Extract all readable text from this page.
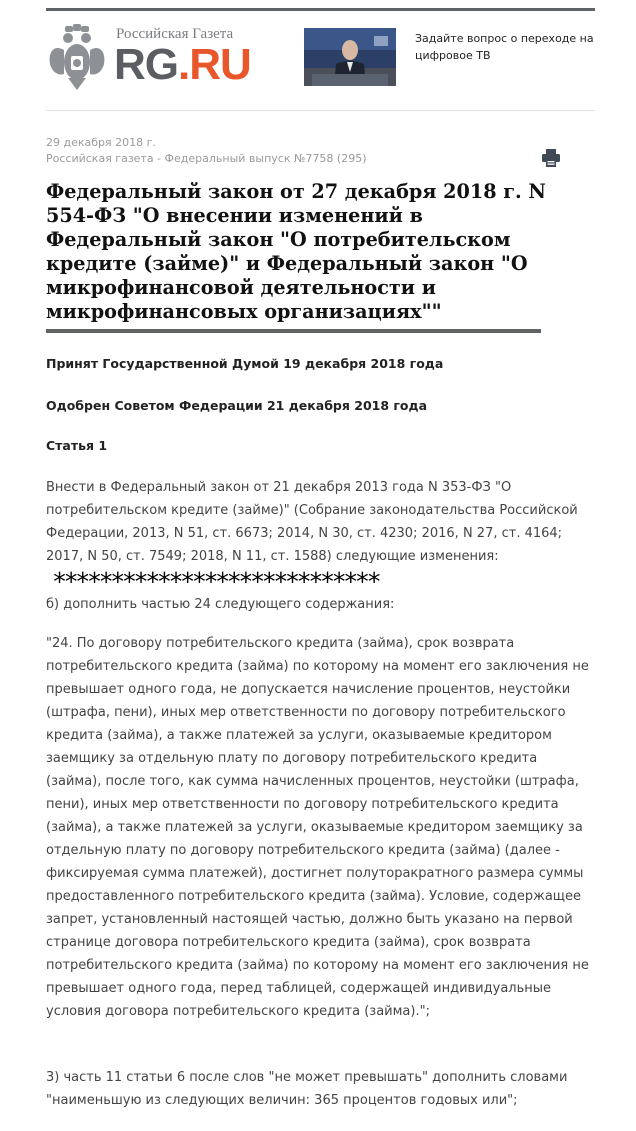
Российская Газета
RG.RU
Задайте вопрос о переходе на цифровое ТВ
29 декабря 2018 г.
Российская газета - Федеральный выпуск №7758 (295)
Федеральный закон от 27 декабря 2018 г. N 554-ФЗ "О внесении изменений в Федеральный закон "О потребительском кредите (займе)" и Федеральный закон "О микрофинансовой деятельности и микрофинансовых организациях""

Принят Государственной Думой 19 декабря 2018 года

Одобрен Советом Федерации 21 декабря 2018 года

Статья 1

Внести в Федеральный закон от 21 декабря 2013 года N 353-ФЗ "О потребительском кредите (займе)" (Собрание законодательства Российской Федерации, 2013, N 51, ст. 6673; 2014, N 30, ст. 4230; 2016, N 27, ст. 4164; 2017, N 50, ст. 7549; 2018, N 11, ст. 1588) следующие изменения:

****************************

б) дополнить частью 24 следующего содержания:

"24. По договору потребительского кредита (займа), срок возврата потребительского кредита (займа) по которому на момент его заключения не превышает одного года, не допускается начисление процентов, неустойки (штрафа, пени), иных мер ответственности по договору потребительского кредита (займа), а также платежей за услуги, оказываемые кредитором заемщику за отдельную плату по договору потребительского кредита (займа), после того, как сумма начисленных процентов, неустойки (штрафа, пени), иных мер ответственности по договору потребительского кредита (займа), а также платежей за услуги, оказываемые кредитором заемщику за отдельную плату по договору потребительского кредита (займа) (далее - фиксируемая сумма платежей), достигнет полуторакратного размера суммы предоставленного потребительского кредита (займа). Условие, содержащее запрет, установленный настоящей частью, должно быть указано на первой странице договора потребительского кредита (займа), срок возврата потребительского кредита (займа) по которому на момент его заключения не превышает одного года, перед таблицей, содержащей индивидуальные условия договора потребительского кредита (займа).";

3) часть 11 статьи 6 после слов "не может превышать" дополнить словами "наименьшую из следующих величин: 365 процентов годовых или";
